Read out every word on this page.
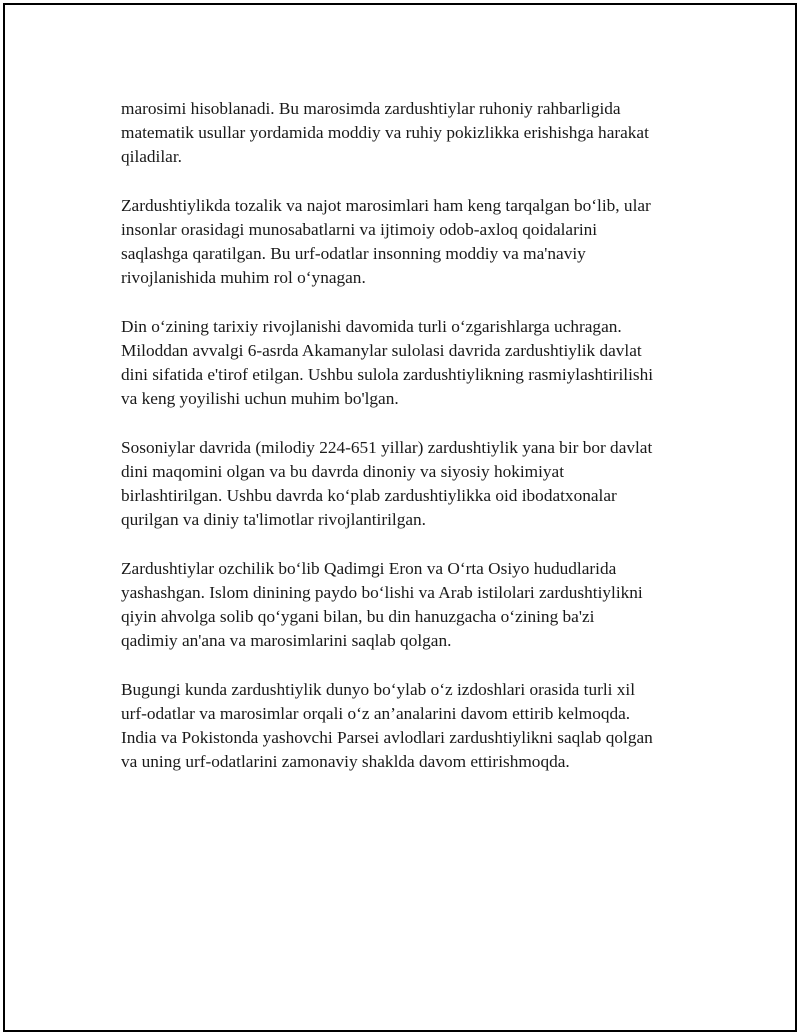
marosimi hisoblanadi. Bu marosimda zardushtiylar ruhoniy rahbarligida
matematik usullar yordamida moddiy va ruhiy pokizlikka erishishga harakat
qiladilar.

Zardushtiylikda tozalik va najot marosimlari ham keng tarqalgan bo‘lib, ular
insonlar orasidagi munosabatlarni va ijtimoiy odob-axloq qoidalarini
saqlashga qaratilgan. Bu urf-odatlar insonning moddiy va ma'naviy
rivojlanishida muhim rol o‘ynagan.

Din o‘zining tarixiy rivojlanishi davomida turli o‘zgarishlarga uchragan.
Miloddan avvalgi 6-asrda Akamanylar sulolasi davrida zardushtiylik davlat
dini sifatida e'tirof etilgan. Ushbu sulola zardushtiylikning rasmiylashtirilishi
va keng yoyilishi uchun muhim bo'lgan.

Sosoniylar davrida (milodiy 224-651 yillar) zardushtiylik yana bir bor davlat
dini maqomini olgan va bu davrda dinoniy va siyosiy hokimiyat
birlashtirilgan. Ushbu davrda ko‘plab zardushtiylikka oid ibodatxonalar
qurilgan va diniy ta'limotlar rivojlantirilgan.

Zardushtiylar ozchilik bo‘lib Qadimgi Eron va O‘rta Osiyo hududlarida
yashashgan. Islom dinining paydo bo‘lishi va Arab istilolari zardushtiylikni
qiyin ahvolga solib qo‘ygani bilan, bu din hanuzgacha o‘zining ba'zi
qadimiy an'ana va marosimlarini saqlab qolgan.

Bugungi kunda zardushtiylik dunyo bo‘ylab o‘z izdoshlari orasida turli xil
urf-odatlar va marosimlar orqali o‘z an’analarini davom ettirib kelmoqda.
India va Pokistonda yashovchi Parsei avlodlari zardushtiylikni saqlab qolgan
va uning urf-odatlarini zamonaviy shaklda davom ettirishmoqda.
